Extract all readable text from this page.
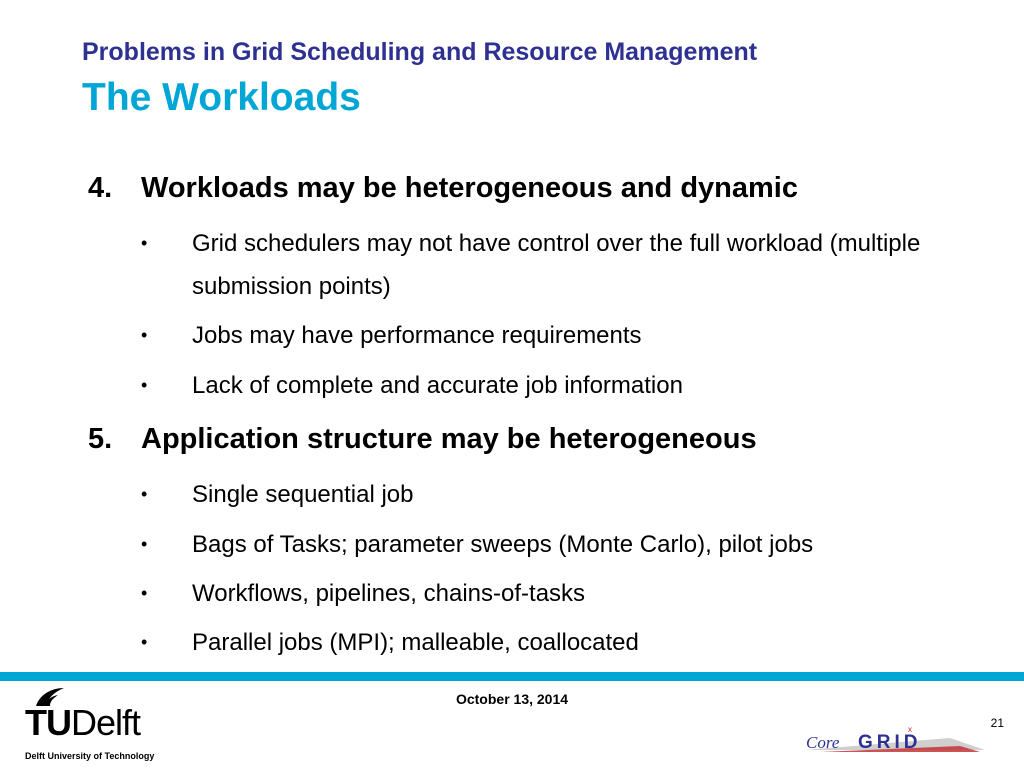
Problems in Grid Scheduling and Resource Management
The Workloads
4. Workloads may be heterogeneous and dynamic
• Grid schedulers may not have control over the full workload (multiple submission points)
• Jobs may have performance requirements
• Lack of complete and accurate job information
5. Application structure may be heterogeneous
• Single sequential job
• Bags of Tasks; parameter sweeps (Monte Carlo), pilot jobs
• Workflows, pipelines, chains-of-tasks
• Parallel jobs (MPI); malleable, coallocated
October 13, 2014
21
TUDelft
Delft University of Technology
Core GRID
x
